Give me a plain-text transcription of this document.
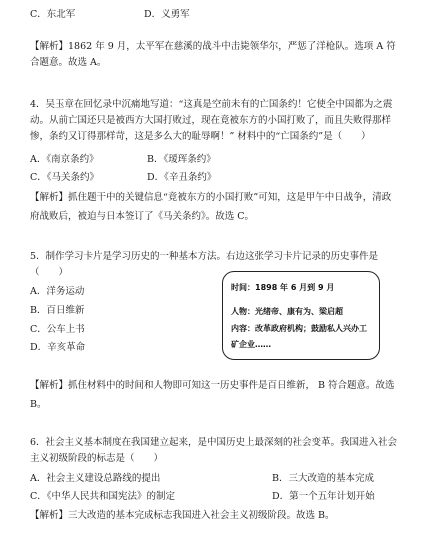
C．东北军	D．义勇军
【解析】1862 年 9 月，太平军在慈溪的战斗中击毙领华尔，严惩了洋枪队。选项 A 符
合题意。故选 A。
4．吴玉章在回忆录中沉痛地写道：“这真是空前未有的亡国条约！它使全中国都为之震
动。从前亡国还只是被西方大国打败过，现在竟被东方的小国打败了，而且失败得那样
惨，条约又订得那样苛，这是多么大的耻辱啊！” 材料中的“亡国条约”是（　　）
A．《南京条约》	B．《瑷珲条约》
C．《马关条约》	D．《辛丑条约》
【解析】抓住题干中的关键信息“竟被东方的小国打败”可知，这是甲午中日战争，清政
府战败后，被迫与日本签订了《马关条约》。故选 C。
5．制作学习卡片是学习历史的一种基本方法。右边这张学习卡片记录的历史事件是
（　　）
A．洋务运动
B．百日维新
C．公车上书
D．辛亥革命
时间：1898 年 6 月到 9 月
人物：光绪帝、康有为、梁启超
内容：改革政府机构；鼓励私人兴办工
矿企业……
【解析】抓住材料中的时间和人物即可知这一历史事件是百日维新， B 符合题意。故选
B。
6．社会主义基本制度在我国建立起来，是中国历史上最深刻的社会变革。我国进入社会
主义初级阶段的标志是（　　）
A．社会主义建设总路线的提出	B．三大改造的基本完成
C．《中华人民共和国宪法》的制定	D．第一个五年计划开始
【解析】三大改造的基本完成标志我国进入社会主义初级阶段。故选 B。
